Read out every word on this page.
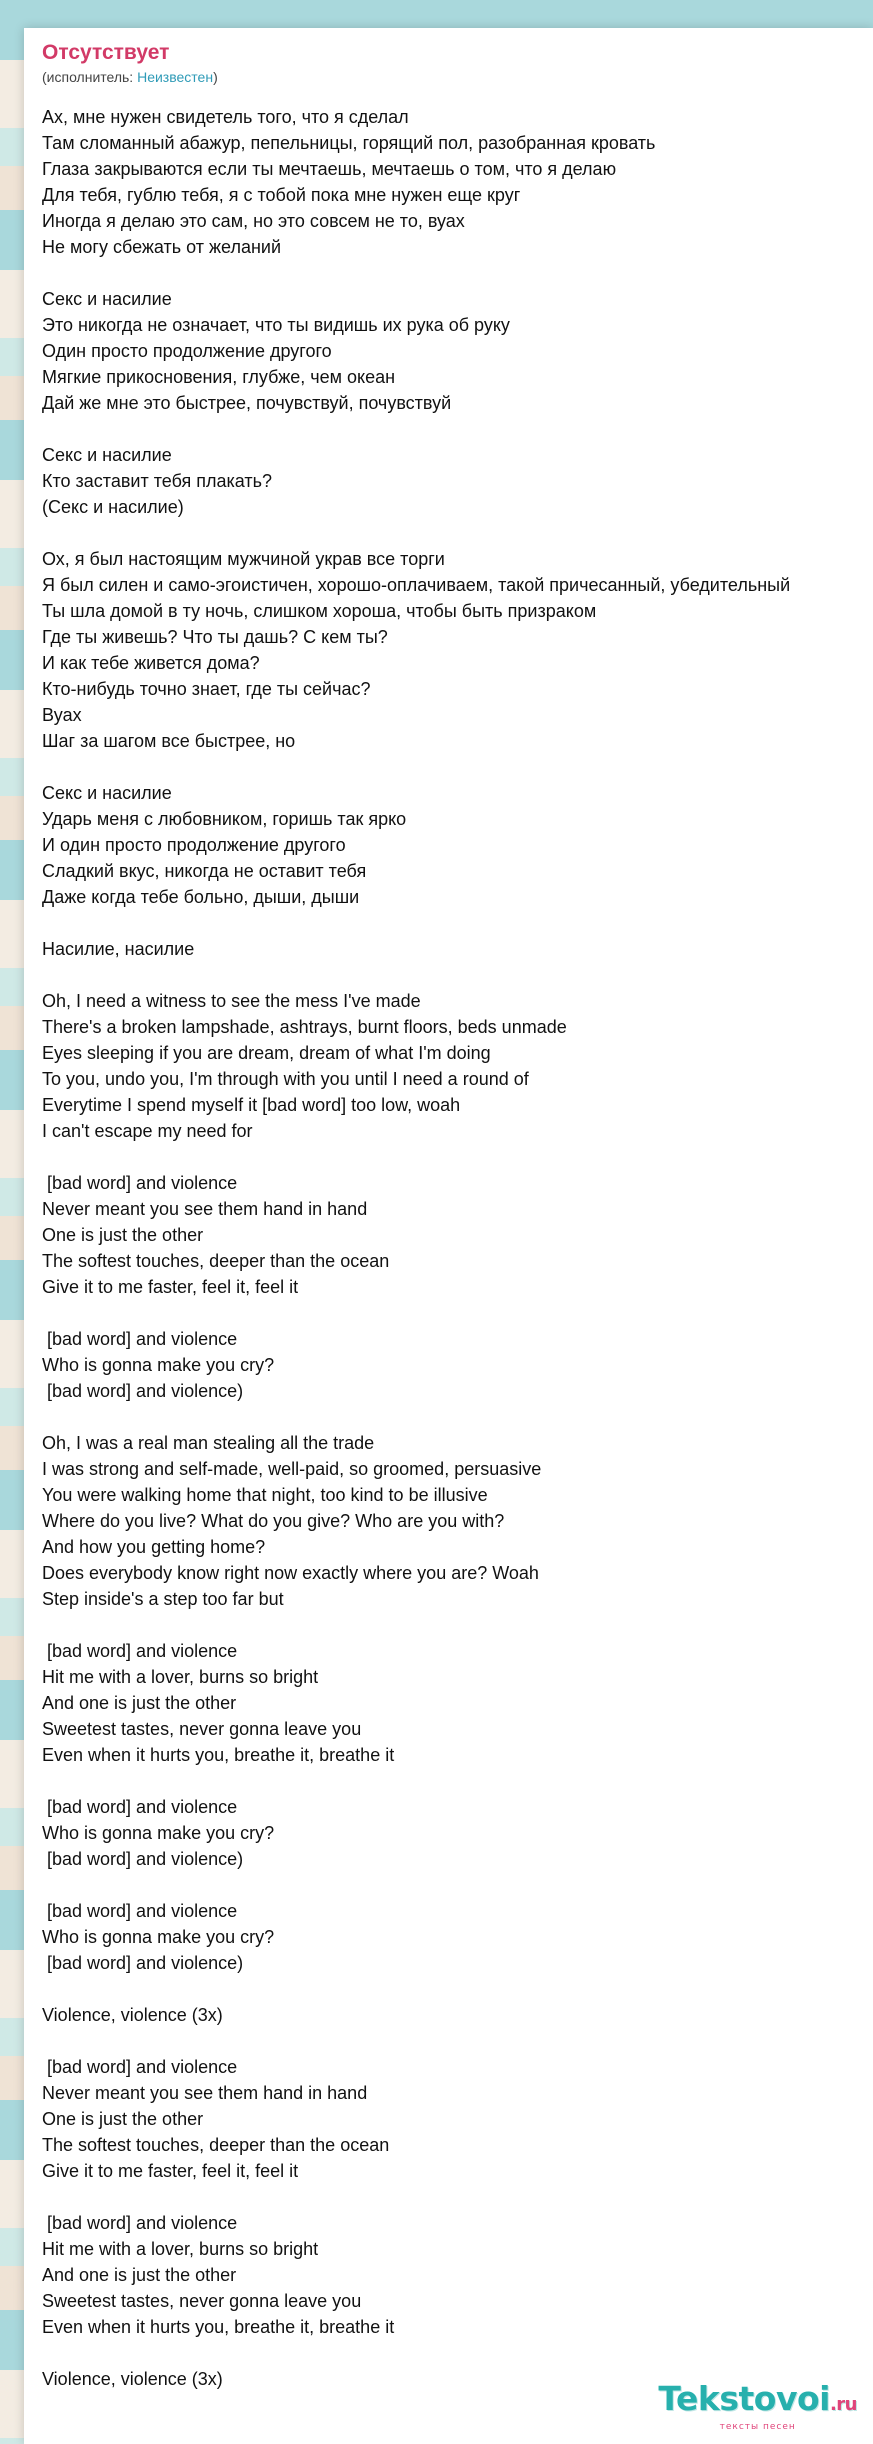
Отсутствует
(исполнитель: Неизвестен)
Ах, мне нужен свидетель того, что я сделал
Там сломанный абажур, пепельницы, горящий пол, разобранная кровать
Глаза закрываются если ты мечтаешь, мечтаешь о том, что я делаю
Для тебя, гублю тебя, я с тобой пока мне нужен еще круг
Иногда я делаю это сам, но это совсем не то, вуах
Не могу сбежать от желаний
Секс и насилие
Это никогда не означает, что ты видишь их рука об руку
Один просто продолжение другого
Мягкие прикосновения, глубже, чем океан
Дай же мне это быстрее, почувствуй, почувствуй
Секс и насилие
Кто заставит тебя плакать?
(Секс и насилие)
Ох, я был настоящим мужчиной украв все торги
Я был силен и само-эгоистичен, хорошо-оплачиваем, такой причесанный, убедительный
Ты шла домой в ту ночь, слишком хороша, чтобы быть призраком
Где ты живешь? Что ты дашь? С кем ты?
И как тебе живется дома?
Кто-нибудь точно знает, где ты сейчас?
Вуах
Шаг за шагом все быстрее, но
Секс и насилие
Ударь меня с любовником, горишь так ярко
И один просто продолжение другого
Сладкий вкус, никогда не оставит тебя
Даже когда тебе больно, дыши, дыши
Насилие, насилие
Oh, I need a witness to see the mess I've made
There's a broken lampshade, ashtrays, burnt floors, beds unmade
Eyes sleeping if you are dream, dream of what I'm doing
To you, undo you, I'm through with you until I need a round of
Everytime I spend myself it [bad word] too low, woah
I can't escape my need for
[bad word] and violence
Never meant you see them hand in hand
One is just the other
The softest touches, deeper than the ocean
Give it to me faster, feel it, feel it
[bad word] and violence
Who is gonna make you cry?
[bad word] and violence)
Oh, I was a real man stealing all the trade
I was strong and self-made, well-paid, so groomed, persuasive
You were walking home that night, too kind to be illusive
Where do you live? What do you give? Who are you with?
And how you getting home?
Does everybody know right now exactly where you are? Woah
Step inside's a step too far but
[bad word] and violence
Hit me with a lover, burns so bright
And one is just the other
Sweetest tastes, never gonna leave you
Even when it hurts you, breathe it, breathe it
[bad word] and violence
Who is gonna make you cry?
[bad word] and violence)
[bad word] and violence
Who is gonna make you cry?
[bad word] and violence)
Violence, violence (3x)
[bad word] and violence
Never meant you see them hand in hand
One is just the other
The softest touches, deeper than the ocean
Give it to me faster, feel it, feel it
[bad word] and violence
Hit me with a lover, burns so bright
And one is just the other
Sweetest tastes, never gonna leave you
Even when it hurts you, breathe it, breathe it
Violence, violence (3x)	Tekstovoi.ru
тексты песен
